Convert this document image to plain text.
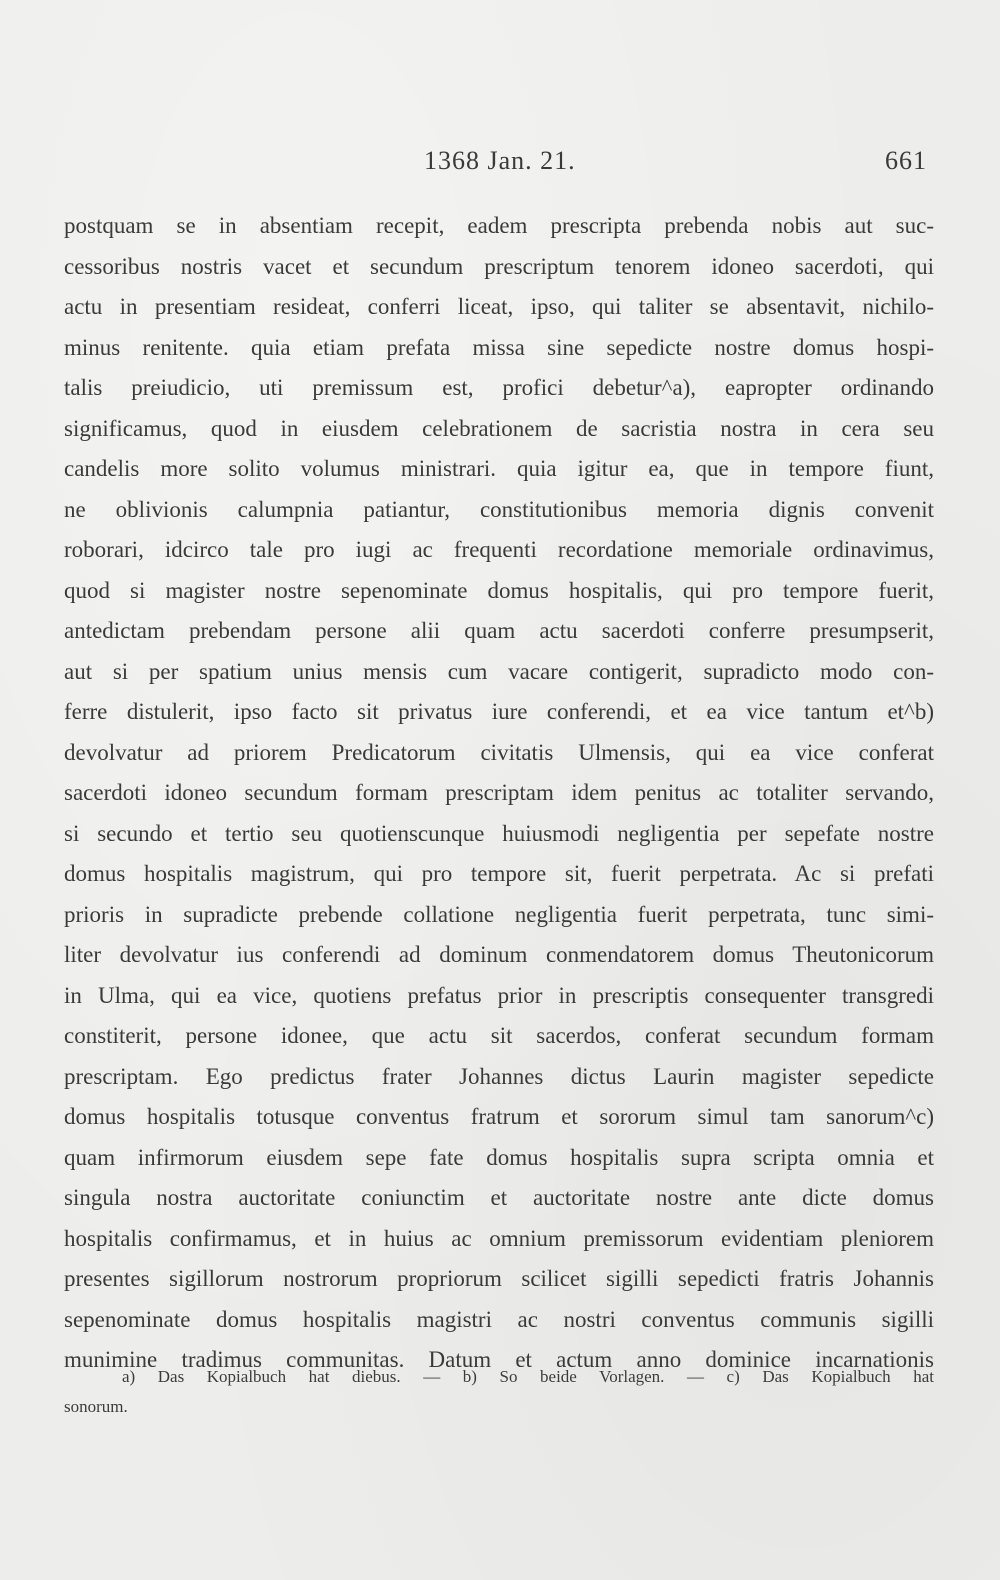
1368 Jan. 21.	661
postquam se in absentiam recepit, eadem prescripta prebenda nobis aut suc-
cessoribus nostris vacet et secundum prescriptum tenorem idoneo sacerdoti, qui
actu in presentiam resideat, conferri liceat, ipso, qui taliter se absentavit, nichilo-
minus renitente. quia etiam prefata missa sine sepedicte nostre domus hospi-
talis preiudicio, uti premissum est, profici debetur^a), eapropter ordinando
significamus, quod in eiusdem celebrationem de sacristia nostra in cera seu
candelis more solito volumus ministrari. quia igitur ea, que in tempore fiunt,
ne oblivionis calumpnia patiantur, constitutionibus memoria dignis convenit
roborari, idcirco tale pro iugi ac frequenti recordatione memoriale ordinavimus,
quod si magister nostre sepenominate domus hospitalis, qui pro tempore fuerit,
antedictam prebendam persone alii quam actu sacerdoti conferre presumpserit,
aut si per spatium unius mensis cum vacare contigerit, supradicto modo con-
ferre distulerit, ipso facto sit privatus iure conferendi, et ea vice tantum et^b)
devolvatur ad priorem Predicatorum civitatis Ulmensis, qui ea vice conferat
sacerdoti idoneo secundum formam prescriptam idem penitus ac totaliter servando,
si secundo et tertio seu quotienscunque huiusmodi negligentia per sepefate nostre
domus hospitalis magistrum, qui pro tempore sit, fuerit perpetrata. Ac si prefati
prioris in supradicte prebende collatione negligentia fuerit perpetrata, tunc simi-
liter devolvatur ius conferendi ad dominum conmendatorem domus Theutonicorum
in Ulma, qui ea vice, quotiens prefatus prior in prescriptis consequenter transgredi
constiterit, persone idonee, que actu sit sacerdos, conferat secundum formam
prescriptam. Ego predictus frater Johannes dictus Laurin magister sepedicte
domus hospitalis totusque conventus fratrum et sororum simul tam sanorum^c)
quam infirmorum eiusdem sepe fate domus hospitalis supra scripta omnia et
singula nostra auctoritate coniunctim et auctoritate nostre ante dicte domus
hospitalis confirmamus, et in huius ac omnium premissorum evidentiam pleniorem
presentes sigillorum nostrorum propriorum scilicet sigilli sepedicti fratris Johannis
sepenominate domus hospitalis magistri ac nostri conventus communis sigilli
munimine tradimus communitas. Datum et actum anno dominice incarnationis
a) Das Kopialbuch hat diebus. — b) So beide Vorlagen. — c) Das Kopialbuch hat
sonorum.
